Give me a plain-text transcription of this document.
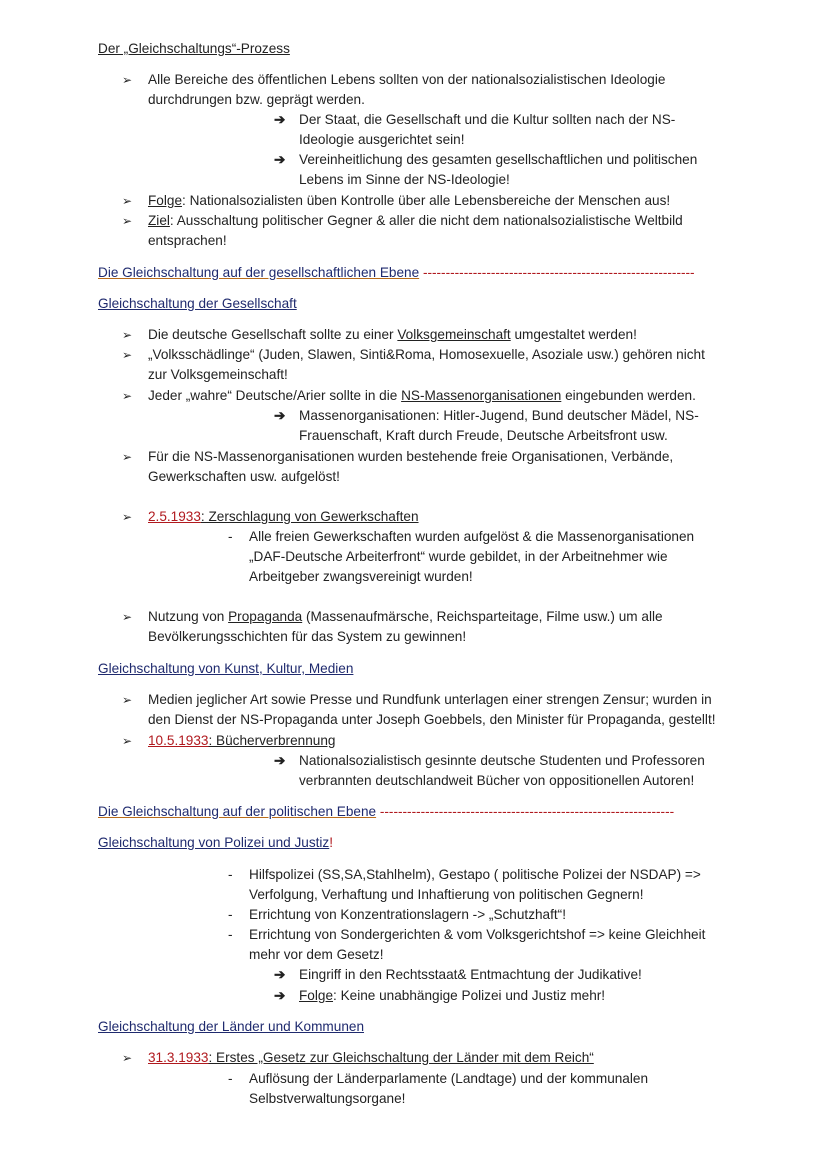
Der „Gleichschaltungs“-Prozess
➢ Alle Bereiche des öffentlichen Lebens sollten von der nationalsozialistischen Ideologie
durchdrungen bzw. geprägt werden.
➔ Der Staat, die Gesellschaft und die Kultur sollten nach der NS-
Ideologie ausgerichtet sein!
➔ Vereinheitlichung des gesamten gesellschaftlichen und politischen
Lebens im Sinne der NS-Ideologie!
➢ Folge: Nationalsozialisten üben Kontrolle über alle Lebensbereiche der Menschen aus!
➢ Ziel: Ausschaltung politischer Gegner & aller die nicht dem nationalsozialistische Weltbild
entsprachen!
Die Gleichschaltung auf der gesellschaftlichen Ebene ------------------------------------------------------------
Gleichschaltung der Gesellschaft
➢ Die deutsche Gesellschaft sollte zu einer Volksgemeinschaft umgestaltet werden!
➢ „Volksschädlinge“ (Juden, Slawen, Sinti&Roma, Homosexuelle, Asoziale usw.) gehören nicht
zur Volksgemeinschaft!
➢ Jeder „wahre“ Deutsche/Arier sollte in die NS-Massenorganisationen eingebunden werden.
➔ Massenorganisationen: Hitler-Jugend, Bund deutscher Mädel, NS-
Frauenschaft, Kraft durch Freude, Deutsche Arbeitsfront usw.
➢ Für die NS-Massenorganisationen wurden bestehende freie Organisationen, Verbände,
Gewerkschaften usw. aufgelöst!
➢ 2.5.1933: Zerschlagung von Gewerkschaften
- Alle freien Gewerkschaften wurden aufgelöst & die Massenorganisationen
„DAF-Deutsche Arbeiterfront“ wurde gebildet, in der Arbeitnehmer wie
Arbeitgeber zwangsvereinigt wurden!
➢ Nutzung von Propaganda (Massenaufmärsche, Reichsparteitage, Filme usw.) um alle
Bevölkerungsschichten für das System zu gewinnen!
Gleichschaltung von Kunst, Kultur, Medien
➢ Medien jeglicher Art sowie Presse und Rundfunk unterlagen einer strengen Zensur; wurden in
den Dienst der NS-Propaganda unter Joseph Goebbels, den Minister für Propaganda, gestellt!
➢ 10.5.1933: Bücherverbrennung
➔ Nationalsozialistisch gesinnte deutsche Studenten und Professoren
verbrannten deutschlandweit Bücher von oppositionellen Autoren!
Die Gleichschaltung auf der politischen Ebene -----------------------------------------------------------------
Gleichschaltung von Polizei und Justiz!
- Hilfspolizei (SS,SA,Stahlhelm), Gestapo ( politische Polizei der NSDAP) =>
Verfolgung, Verhaftung und Inhaftierung von politischen Gegnern!
- Errichtung von Konzentrationslagern -> „Schutzhaft“!
- Errichtung von Sondergerichten & vom Volksgerichtshof => keine Gleichheit
mehr vor dem Gesetz!
➔ Eingriff in den Rechtsstaat& Entmachtung der Judikative!
➔ Folge: Keine unabhängige Polizei und Justiz mehr!
Gleichschaltung der Länder und Kommunen
➢ 31.3.1933: Erstes „Gesetz zur Gleichschaltung der Länder mit dem Reich“
- Auflösung der Länderparlamente (Landtage) und der kommunalen
Selbstverwaltungsorgane!
